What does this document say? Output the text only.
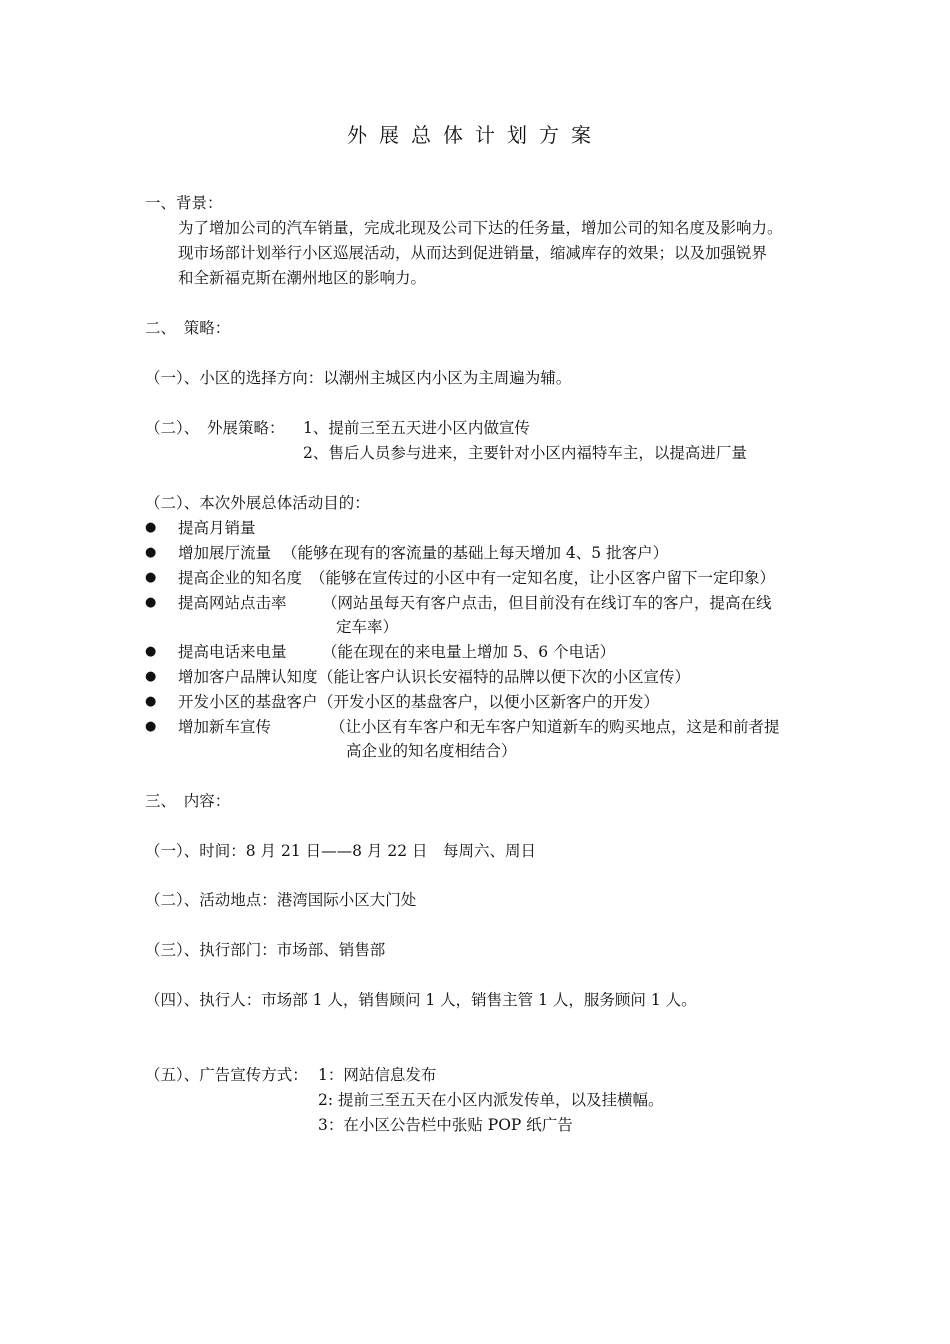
外展总体计划方案
一、背景：
为了增加公司的汽车销量，完成北现及公司下达的任务量，增加公司的知名度及影响力。
现市场部计划举行小区巡展活动，从而达到促进销量，缩减库存的效果；以及加强锐界
和全新福克斯在潮州地区的影响力。
二、　策略：
（一）、小区的选择方向：以潮州主城区内小区为主周遍为辅。
（二）、　外展策略： 1、提前三至五天进小区内做宣传
2、售后人员参与进来，主要针对小区内福特车主，以提高进厂量
（二）、本次外展总体活动目的：
● 提高月销量
● 增加展厅流量 （能够在现有的客流量的基础上每天增加 4、5 批客户）
● 提高企业的知名度 （能够在宣传过的小区中有一定知名度，让小区客户留下一定印象）
● 提高网站点击率 （网站虽每天有客户点击，但目前没有在线订车的客户，提高在线
定车率）
● 提高电话来电量 （能在现在的来电量上增加 5、6 个电话）
● 增加客户品牌认知度 （能让客户认识长安福特的品牌以便下次的小区宣传）
● 开发小区的基盘客户 （开发小区的基盘客户，以便小区新客户的开发）
● 增加新车宣传	（让小区有车客户和无车客户知道新车的购买地点，这是和前者提
高企业的知名度相结合）
三、　内容：
（一）、时间：8 月 21 日——8 月 22 日　每周六、周日
（二）、活动地点：港湾国际小区大门处
（三）、执行部门：市场部、销售部
（四）、执行人：市场部 1 人，销售顾问 1 人，销售主管 1 人，服务顾问 1 人。
（五）、广告宣传方式： 1：网站信息发布
2: 提前三至五天在小区内派发传单，以及挂横幅。
3：在小区公告栏中张贴 POP 纸广告
